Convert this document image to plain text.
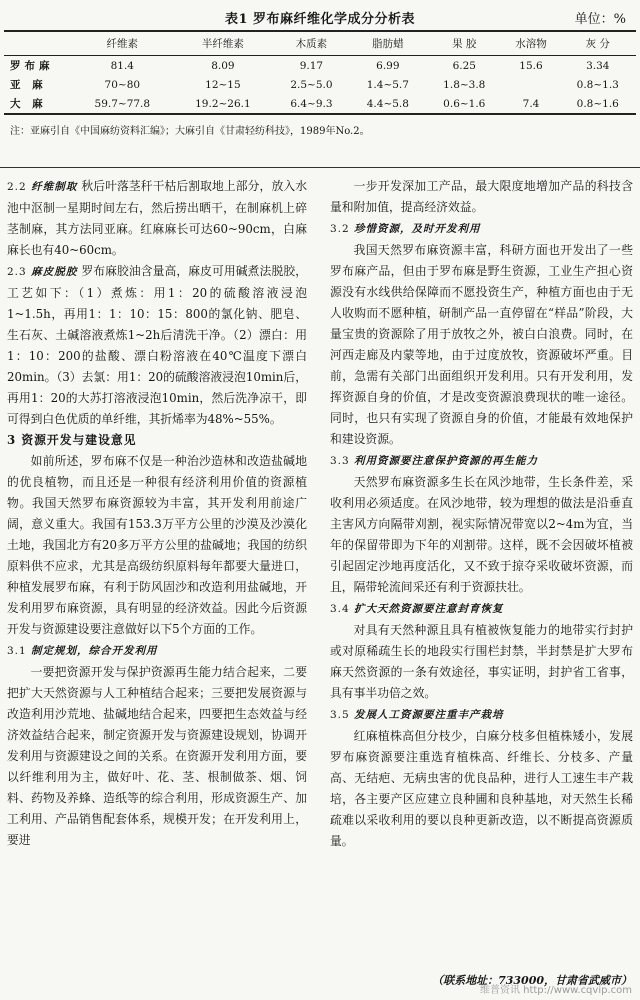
表1 罗布麻纤维化学成分分析表	单位：%
	纤维素	半纤维素	木质素	脂肪蜡	果 胶	水溶物	灰 分
罗布麻	81.4	8.09	9.17	6.99	6.25	15.6	3.34
亚 麻	70~80	12~15	2.5~5.0	1.4~5.7	1.8~3.8		0.8~1.3
大 麻	59.7~77.8	19.2~26.1	6.4~9.3	4.4~5.8	0.6~1.6	7.4	0.8~1.6
注：亚麻引自《中国麻纺资料汇编》；大麻引自《甘肃轻纺科技》，1989年No.2。

2.2 纤维制取 秋后叶落茎秆干枯后割取地上部分，放入水池中沤制一星期时间左右，然后捞出晒干，在制麻机上碎茎制麻，其方法同亚麻。红麻麻长可达60~90cm，白麻麻长也有40~60cm。

2.3 麻皮脱胶 罗布麻胶油含量高，麻皮可用碱煮法脱胶，工艺如下：（1）煮炼：用1：20的硫酸溶液浸泡1~1.5h，再用1：1：10：15：800的氯化钠、肥皂、生石灰、土碱溶液煮炼1~2h后清洗干净。（2）漂白：用1：10：200的盐酸、漂白粉溶液在40℃温度下漂白20min。（3）去氯：用1：20的硫酸溶液浸泡10min后，再用1：20的大苏打溶液浸泡10min，然后洗净凉干，即可得到白色优质的单纤维，其折烯率为48%~55%。

3 资源开发与建设意见

如前所述，罗布麻不仅是一种治沙造林和改造盐碱地的优良植物，而且还是一种很有经济利用价值的资源植物。我国天然罗布麻资源较为丰富，其开发利用前途广阔，意义重大。我国有153.3万平方公里的沙漠及沙漠化土地，我国北方有20多万平方公里的盐碱地；我国的纺织原料供不应求，尤其是高级纺织原料每年都要大量进口，种植发展罗布麻，有利于防风固沙和改造利用盐碱地，开发利用罗布麻资源，具有明显的经济效益。因此今后资源开发与资源建设要注意做好以下5个方面的工作。

3.1 制定规划，综合开发利用

一要把资源开发与保护资源再生能力结合起来，二要把扩大天然资源与人工种植结合起来；三要把发展资源与改造利用沙荒地、盐碱地结合起来，四要把生态效益与经济效益结合起来，制定资源开发与资源建设规划，协调开发利用与资源建设之间的关系。在资源开发利用方面，要以纤维利用为主，做好叶、花、茎、根制做茶、烟、饲料、药物及养蜂、造纸等的综合利用，形成资源生产、加工利用、产品销售配套体系，规模开发；在开发利用上，要进

一步开发深加工产品，最大限度地增加产品的科技含量和附加值，提高经济效益。

3.2 珍惜资源，及时开发利用

我国天然罗布麻资源丰富，科研方面也开发出了一些罗布麻产品，但由于罗布麻是野生资源，工业生产担心资源没有水线供给保障而不愿投资生产，种植方面也由于无人收购而不愿种植，研制产品一直停留在“样品”阶段，大量宝贵的资源除了用于放牧之外，被白白浪费。同时，在河西走廊及内蒙等地，由于过度放牧，资源破坏严重。目前，急需有关部门出面组织开发利用。只有开发利用，发挥资源自身的价值，才是改变资源浪费现状的唯一途径。同时，也只有实现了资源自身的价值，才能最有效地保护和建设资源。

3.3 利用资源要注意保护资源的再生能力

天然罗布麻资源多生长在风沙地带，生长条件差，采收利用必须适度。在风沙地带，较为理想的做法是沿垂直主害风方向隔带刈割，视实际情况带宽以2~4m为宜，当年的保留带即为下年的刈割带。这样，既不会因破坏植被引起固定沙地再度活化，又不致于掠夺采收破坏资源，而且，隔带轮流间采还有利于资源扶壮。

3.4 扩大天然资源要注意封育恢复

对具有天然种源且具有植被恢复能力的地带实行封护或对原稀疏生长的地段实行围栏封禁，半封禁是扩大罗布麻天然资源的一条有效途径，事实证明，封护省工省事，具有事半功倍之效。

3.5 发展人工资源要注重丰产栽培

红麻植株高但分枝少，白麻分枝多但植株矮小，发展罗布麻资源要注重选育植株高、纤维长、分枝多、产量高、无结疤、无病虫害的优良品种，进行人工速生丰产栽培，各主要产区应建立良种圃和良种基地，对天然生长稀疏难以采收利用的要以良种更新改造，以不断提高资源质量。

（联系地址：733000，甘肃省武威市）
维普资讯 http://www.cqvip.com
